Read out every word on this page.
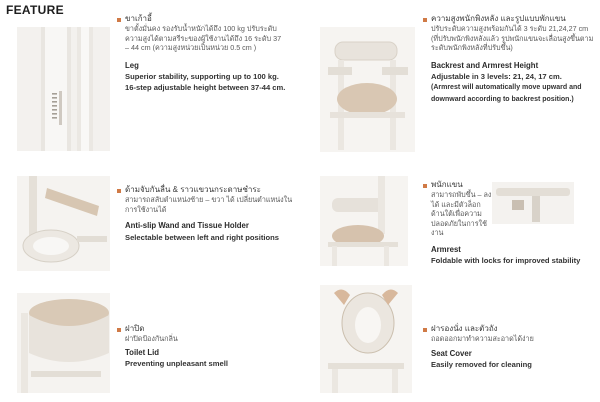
FEATURE
ขาเก้าอี้
ขาตั้งมั่นคง รองรับน้ำหนักได้ถึง 100 kg ปรับระดับความสูงได้ตามสรีระของผู้ใช้งานได้ถึง 16 ระดับ 37 – 44 cm (ความสูงหน่วยเป็นหน่วย 0.5 cm )
Leg
Superior stability, supporting up to 100 kg. 16-step adjustable height between 37-44 cm.
ความสูงพนักพิงหลัง และรูปแบบพักแขน
ปรับระดับความสูงพร้อมกันได้ 3 ระดับ 21,24,27 cm (ที่ปรับพนักพิงหลังแล้ว รูปพนักแขนจะเลื่อนสูงขึ้นตามระดับพนักพิงหลังที่ปรับขึ้น)
Backrest and Armrest Height
Adjustable in 3 levels: 21, 24, 17 cm.
(Armrest will automatically move upward and downward according to backrest position.)
ด้ามจับกันลื่น & ราวแขวนกระดาษชำระ
สามารถสลับตำแหน่งซ้าย – ขวา ได้ เปลี่ยนตำแหน่งในการใช้งานได้
Anti-slip Wand and Tissue Holder
Selectable between left and right positions
พนักแขน
สามารถพับขึ้น – ลงได้ และมีตัวล็อก ด้านใต้เพื่อความปลอดภัยในการใช้งาน
Armrest
Foldable with locks for improved stability
ฝาปิด
ฝาปิดป้องกันกลิ่น
Toilet Lid
Preventing unpleasant smell
ฝารองนั่ง และตัวถัง
ถอดออกมาทำความสะอาดได้ง่าย
Seat Cover
Easily removed for cleaning
